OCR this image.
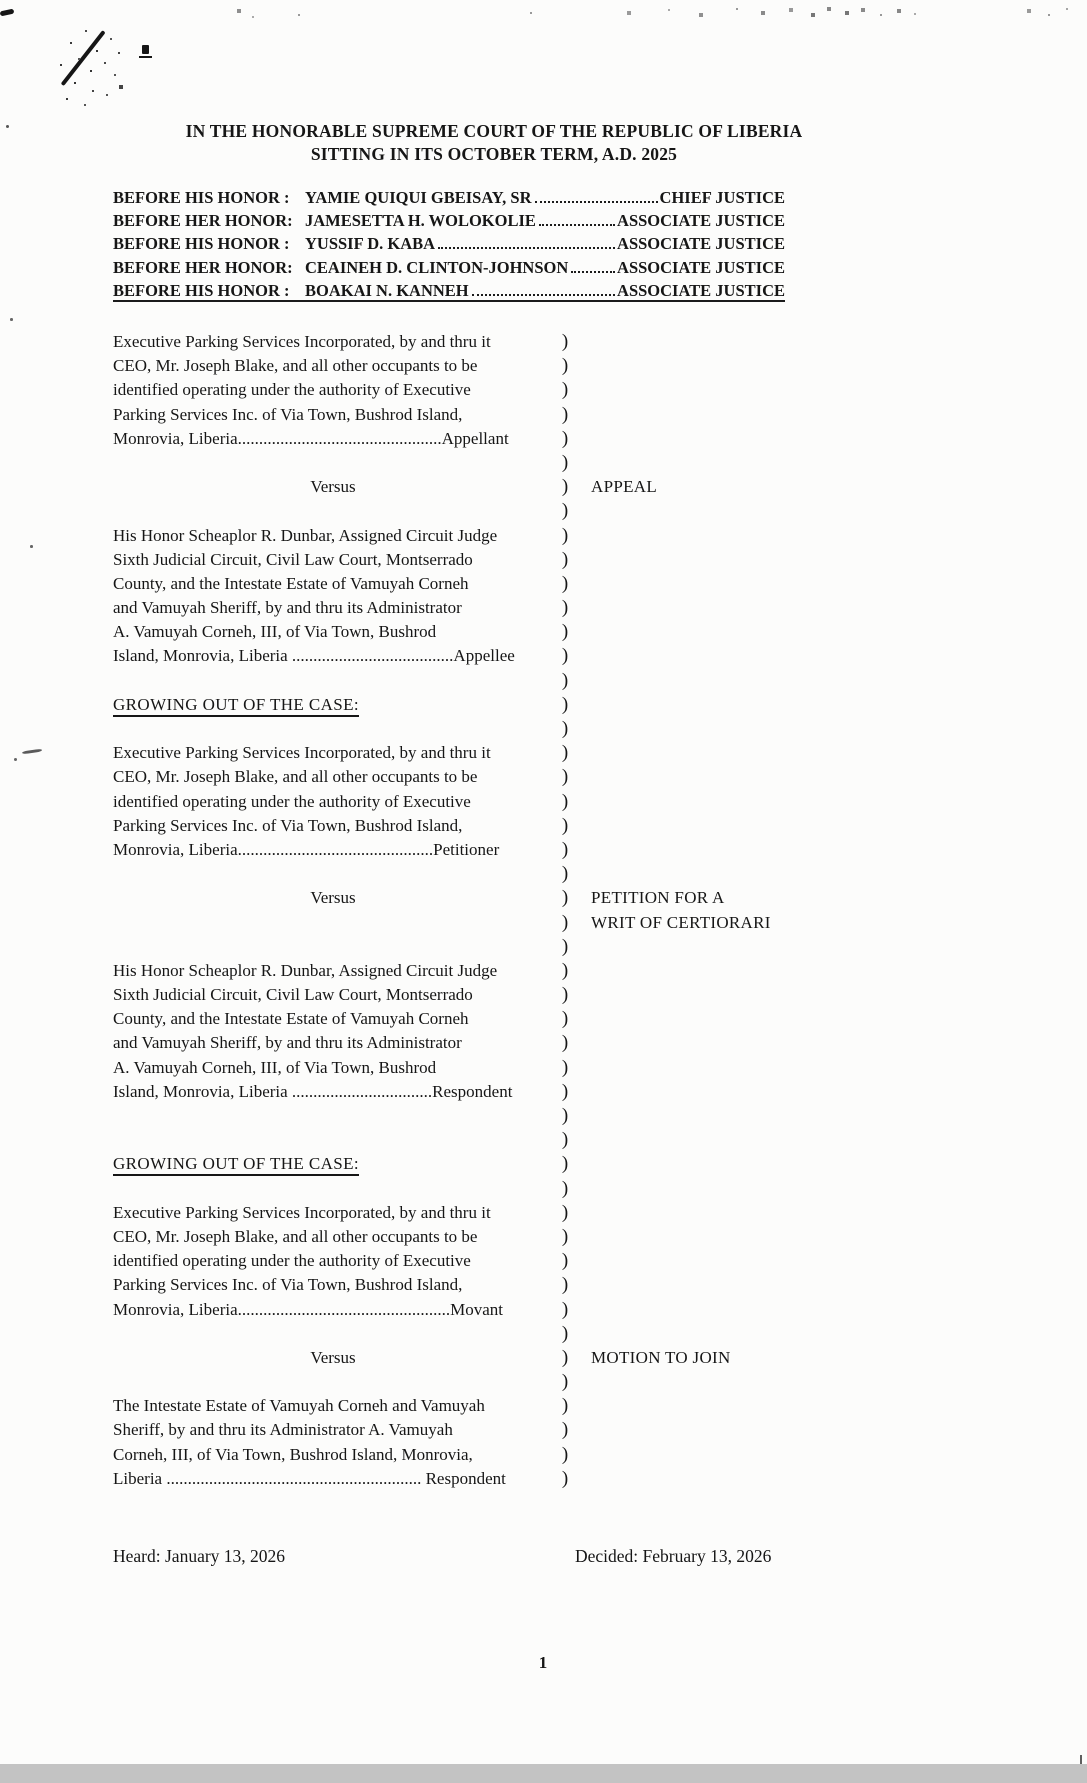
IN THE HONORABLE SUPREME COURT OF THE REPUBLIC OF LIBERIA
SITTING IN ITS OCTOBER TERM, A.D. 2025
BEFORE HIS HONOR : YAMIE QUIQUI GBEISAY, SR	CHIEF JUSTICE
BEFORE HER HONOR: JAMESETTA H. WOLOKOLIE	ASSOCIATE JUSTICE
BEFORE HIS HONOR : YUSSIF D. KABA	ASSOCIATE JUSTICE
BEFORE HER HONOR: CEAINEH D. CLINTON-JOHNSON	ASSOCIATE JUSTICE
BEFORE HIS HONOR : BOAKAI N. KANNEH	ASSOCIATE JUSTICE
Executive Parking Services Incorporated, by and thru it	)
CEO, Mr. Joseph Blake, and all other occupants to be	)
identified operating under the authority of Executive	)
Parking Services Inc. of Via Town, Bushrod Island,	)
Monrovia, Liberia................................................Appellant	)
)
Versus	)	APPEAL
)
His Honor Scheaplor R. Dunbar, Assigned Circuit Judge	)
Sixth Judicial Circuit, Civil Law Court, Montserrado	)
County, and the Intestate Estate of Vamuyah Corneh	)
and Vamuyah Sheriff, by and thru its Administrator	)
A. Vamuyah Corneh, III, of Via Town, Bushrod	)
Island, Monrovia, Liberia ......................................Appellee	)
)
GROWING OUT OF THE CASE:	)
)
Executive Parking Services Incorporated, by and thru it	)
CEO, Mr. Joseph Blake, and all other occupants to be	)
identified operating under the authority of Executive	)
Parking Services Inc. of Via Town, Bushrod Island,	)
Monrovia, Liberia..............................................Petitioner	)
)
Versus	)	PETITION FOR A
)	WRIT OF CERTIORARI
)
His Honor Scheaplor R. Dunbar, Assigned Circuit Judge	)
Sixth Judicial Circuit, Civil Law Court, Montserrado	)
County, and the Intestate Estate of Vamuyah Corneh	)
and Vamuyah Sheriff, by and thru its Administrator	)
A. Vamuyah Corneh, III, of Via Town, Bushrod	)
Island, Monrovia, Liberia .................................Respondent	)
)
)
GROWING OUT OF THE CASE:	)
)
Executive Parking Services Incorporated, by and thru it	)
CEO, Mr. Joseph Blake, and all other occupants to be	)
identified operating under the authority of Executive	)
Parking Services Inc. of Via Town, Bushrod Island,	)
Monrovia, Liberia..................................................Movant	)
)
Versus	)	MOTION TO JOIN
)
The Intestate Estate of Vamuyah Corneh and Vamuyah	)
Sheriff, by and thru its Administrator A. Vamuyah	)
Corneh, III, of Via Town, Bushrod Island, Monrovia,	)
Liberia ............................................................ Respondent	)
Heard: January 13, 2026	Decided: February 13, 2026
1
